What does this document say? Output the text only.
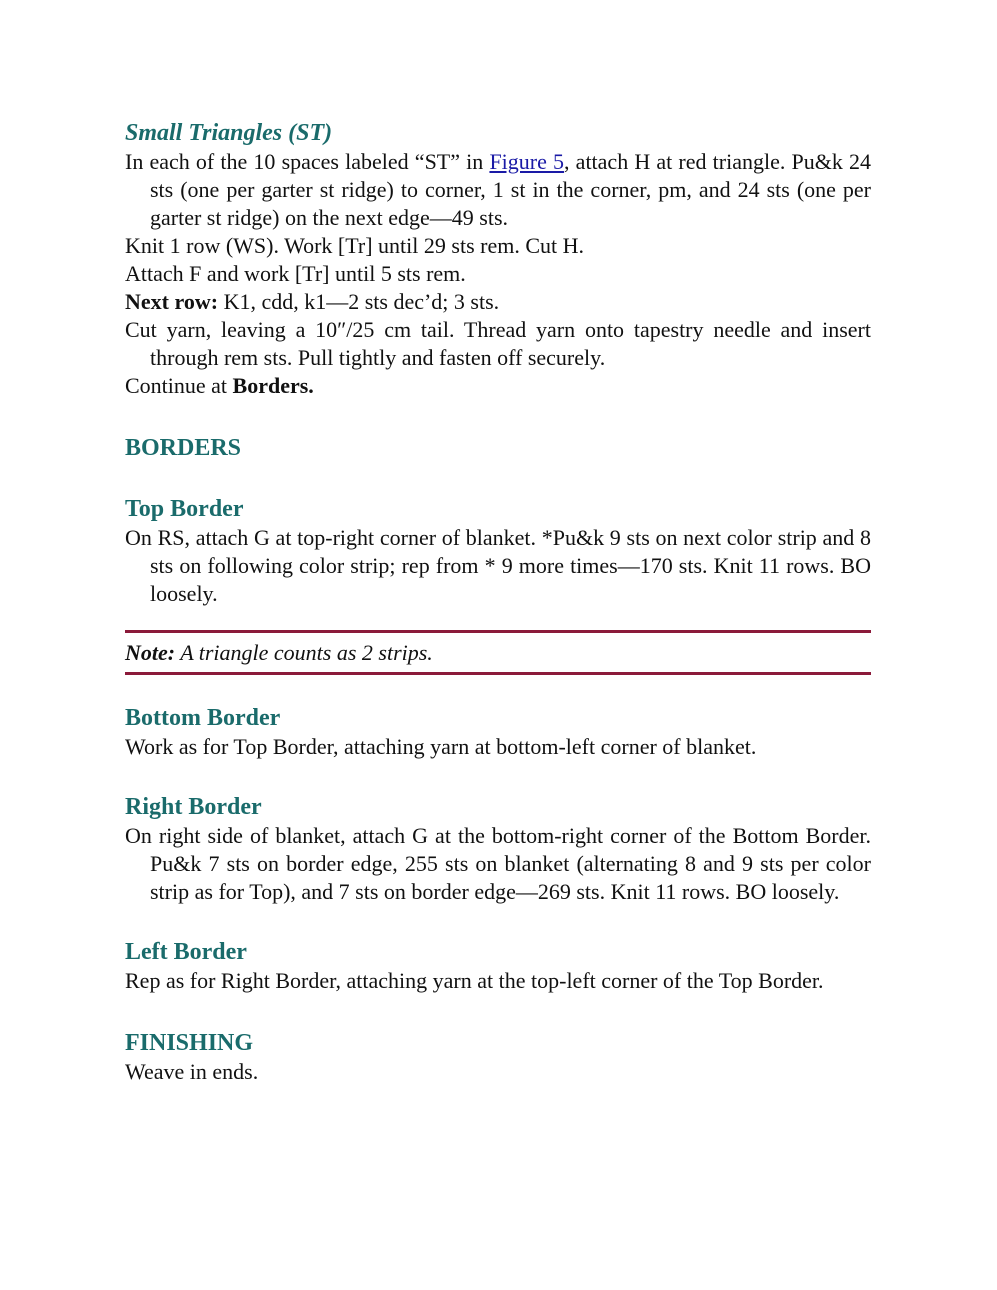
Small Triangles (ST)

In each of the 10 spaces labeled “ST” in Figure 5, attach H at red triangle. Pu&k 24 sts (one per garter st ridge) to corner, 1 st in the corner, pm, and 24 sts (one per garter st ridge) on the next edge—49 sts.

Knit 1 row (WS). Work [Tr] until 29 sts rem. Cut H.

Attach F and work [Tr] until 5 sts rem.

Next row: K1, cdd, k1—2 sts dec’d; 3 sts.

Cut yarn, leaving a 10″/25 cm tail. Thread yarn onto tapestry needle and insert through rem sts. Pull tightly and fasten off securely.

Continue at Borders.

BORDERS
Top Border

On RS, attach G at top-right corner of blanket. *Pu&k 9 sts on next color strip and 8 sts on following color strip; rep from * 9 more times—170 sts. Knit 11 rows. BO loosely.

Note: A triangle counts as 2 strips.
Bottom Border

Work as for Top Border, attaching yarn at bottom-left corner of blanket.

Right Border

On right side of blanket, attach G at the bottom-right corner of the Bottom Border. Pu&k 7 sts on border edge, 255 sts on blanket (alternating 8 and 9 sts per color strip as for Top), and 7 sts on border edge—269 sts. Knit 11 rows. BO loosely.

Left Border

Rep as for Right Border, attaching yarn at the top-left corner of the Top Border.

FINISHING

Weave in ends.
